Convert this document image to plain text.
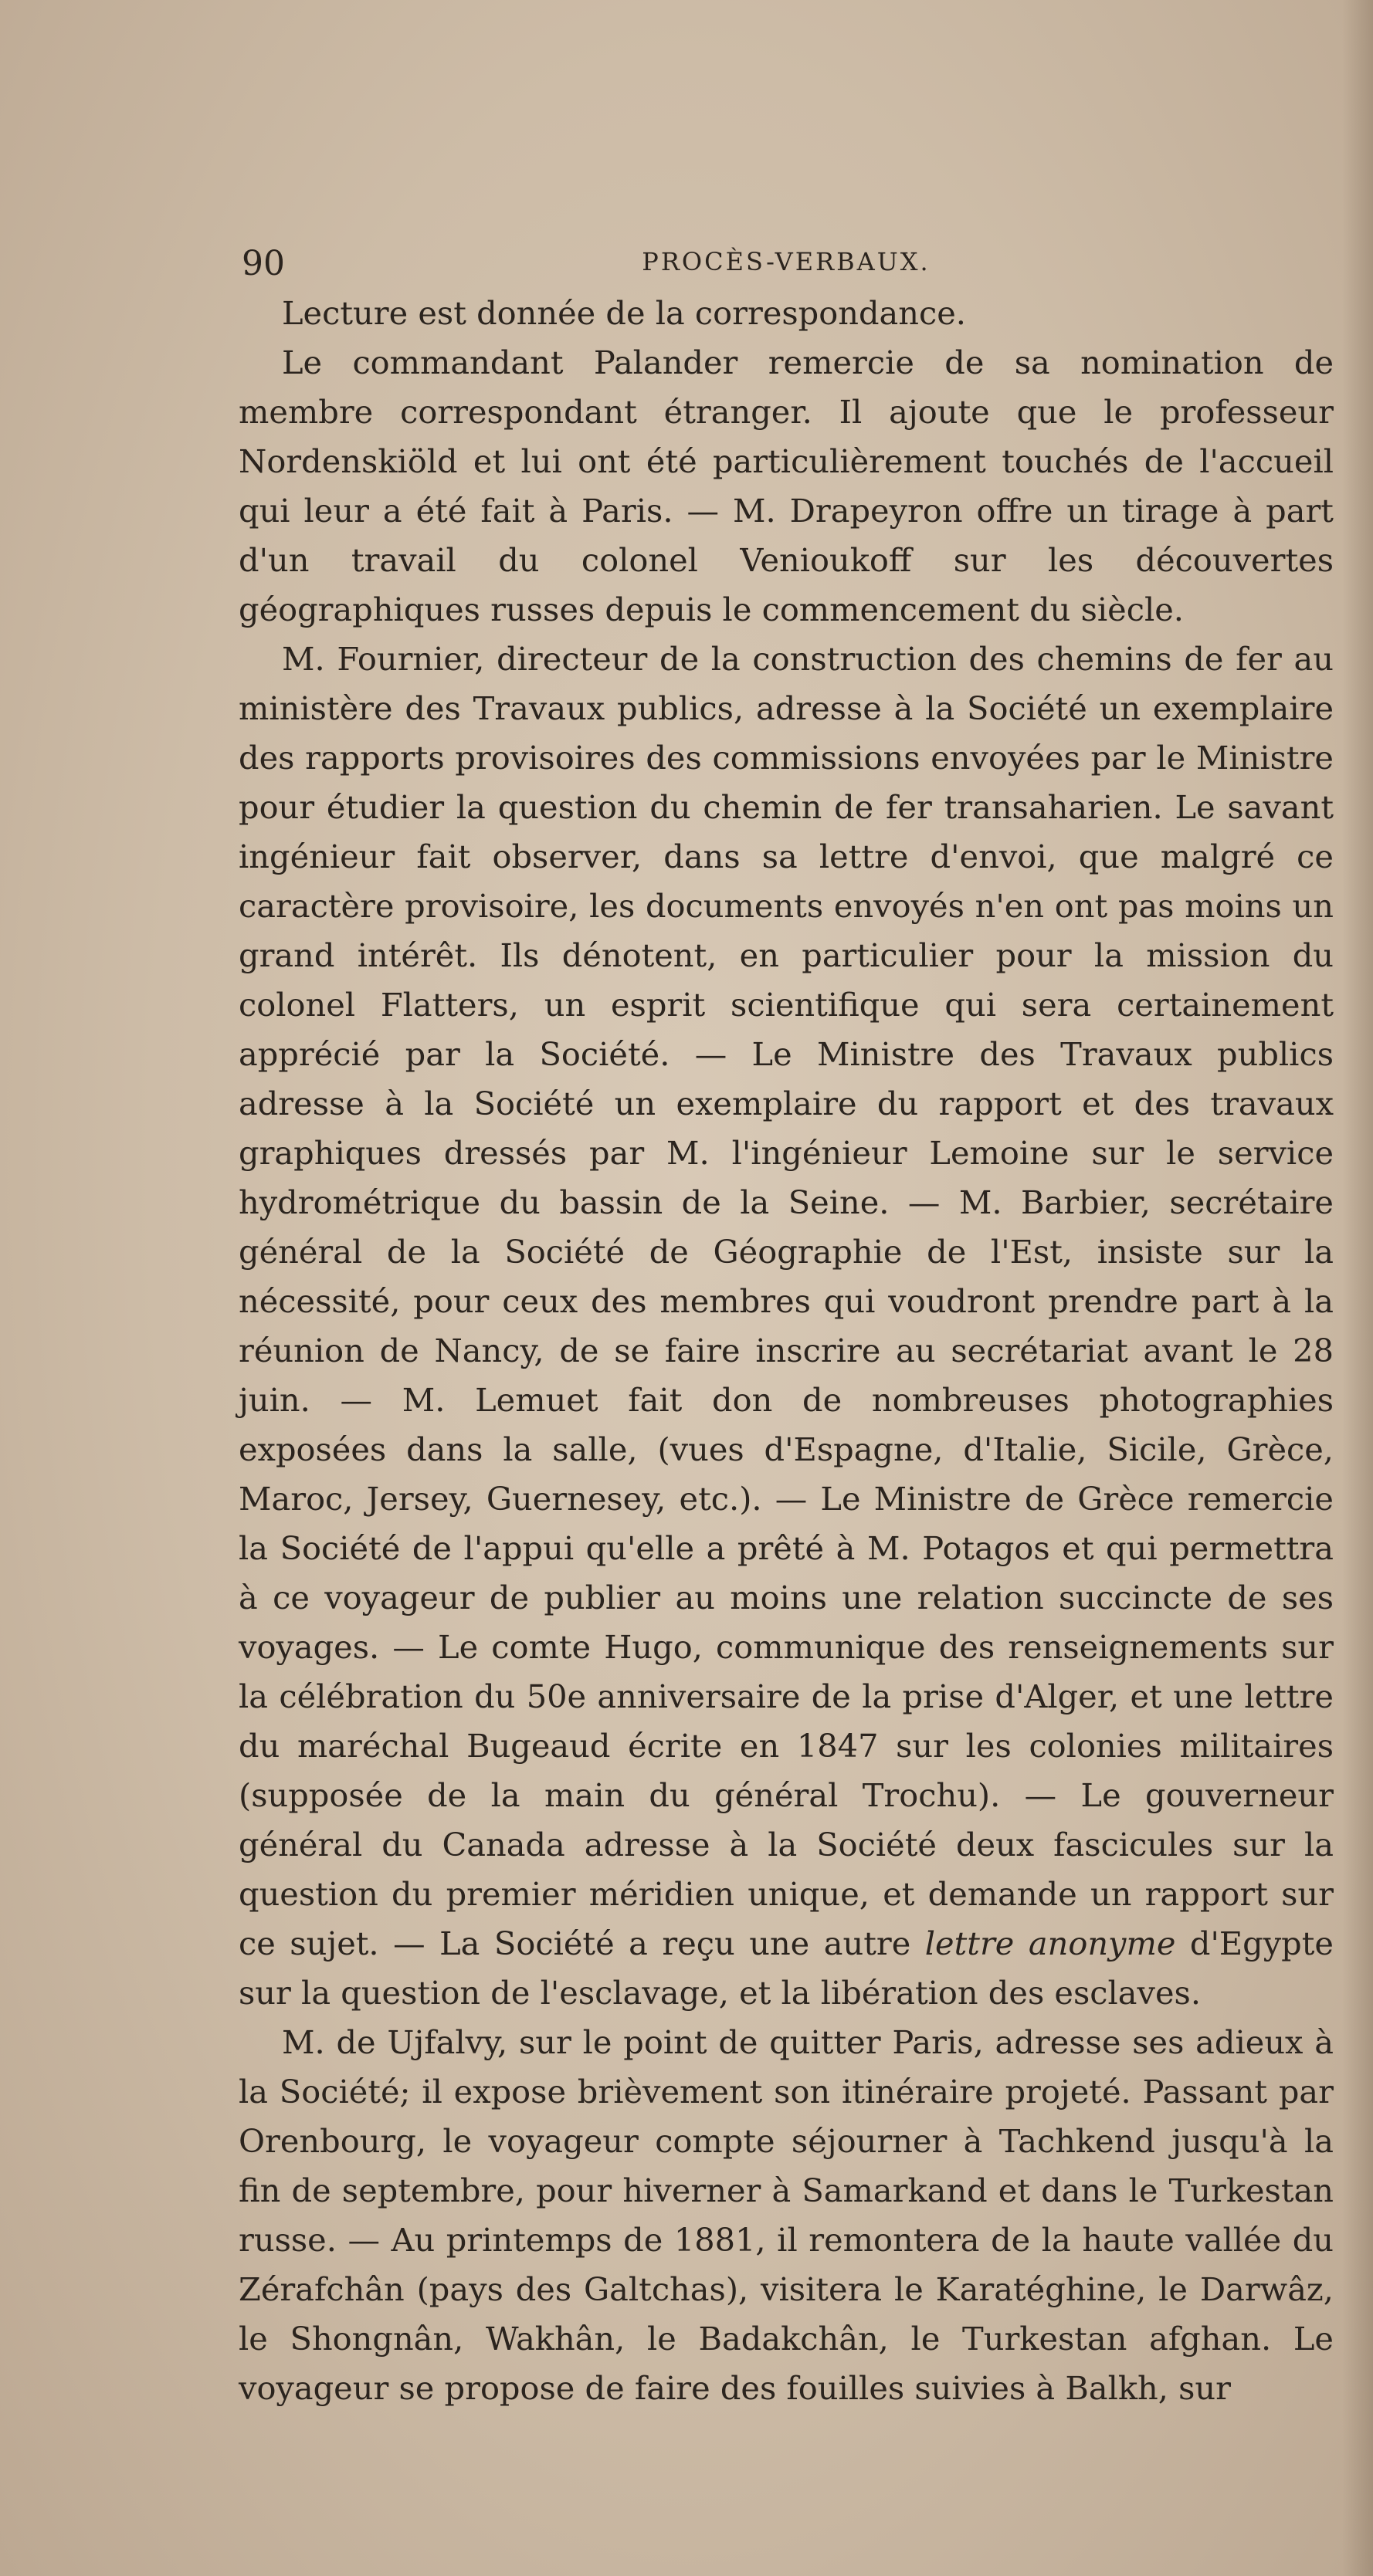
90	PROCÈS-VERBAUX.

Lecture est donnée de la correspondance.

Le commandant Palander remercie de sa nomination de membre correspondant étranger. Il ajoute que le professeur Nordenskiöld et lui ont été particulièrement touchés de l'accueil qui leur a été fait à Paris. — M. Drapeyron offre un tirage à part d'un travail du colonel Venioukoff sur les découvertes géographiques russes depuis le commencement du siècle.

M. Fournier, directeur de la construction des chemins de fer au ministère des Travaux publics, adresse à la Société un exemplaire des rapports provisoires des commissions envoyées par le Ministre pour étudier la question du chemin de fer transaharien. Le savant ingénieur fait observer, dans sa lettre d'envoi, que malgré ce caractère provisoire, les documents envoyés n'en ont pas moins un grand intérêt. Ils dénotent, en particulier pour la mission du colonel Flatters, un esprit scientifique qui sera certainement apprécié par la Société. — Le Ministre des Travaux publics adresse à la Société un exemplaire du rapport et des travaux graphiques dressés par M. l'ingénieur Lemoine sur le service hydrométrique du bassin de la Seine. — M. Barbier, secrétaire général de la Société de Géographie de l'Est, insiste sur la nécessité, pour ceux des membres qui voudront prendre part à la réunion de Nancy, de se faire inscrire au secrétariat avant le 28 juin. — M. Lemuet fait don de nombreuses photographies exposées dans la salle, (vues d'Espagne, d'Italie, Sicile, Grèce, Maroc, Jersey, Guernesey, etc.). — Le Ministre de Grèce remercie la Société de l'appui qu'elle a prêté à M. Potagos et qui permettra à ce voyageur de publier au moins une relation succincte de ses voyages. — Le comte Hugo, communique des renseignements sur la célébration du 50e anniversaire de la prise d'Alger, et une lettre du maréchal Bugeaud écrite en 1847 sur les colonies militaires (supposée de la main du général Trochu). — Le gouverneur général du Canada adresse à la Société deux fascicules sur la question du premier méridien unique, et demande un rapport sur ce sujet. — La Société a reçu une autre lettre anonyme d'Egypte sur la question de l'esclavage, et la libération des esclaves.

M. de Ujfalvy, sur le point de quitter Paris, adresse ses adieux à la Société; il expose brièvement son itinéraire projeté. Passant par Orenbourg, le voyageur compte séjourner à Tachkend jusqu'à la fin de septembre, pour hiverner à Samarkand et dans le Turkestan russe. — Au printemps de 1881, il remontera de la haute vallée du Zérafchân (pays des Galtchas), visitera le Karatéghine, le Darwâz, le Shongnân, Wakhân, le Badakchân, le Turkestan afghan. Le voyageur se propose de faire des fouilles suivies à Balkh, sur
